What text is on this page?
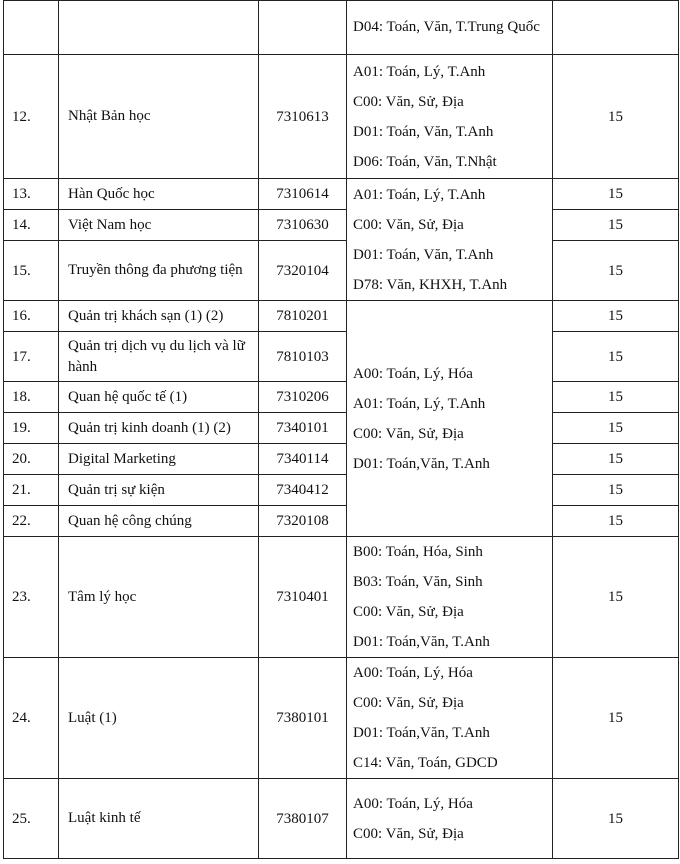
			D04: Toán, Văn, T.Trung Quốc	

12.	Nhật Bản học	7310613	A01: Toán, Lý, T.Anh
C00: Văn, Sử, Địa
D01: Toán, Văn, T.Anh
D06: Toán, Văn, T.Nhật	15
13.	Hàn Quốc học	7310614	A01: Toán, Lý, T.Anh
C00: Văn, Sử, Địa
D01: Toán, Văn, T.Anh
D78: Văn, KHXH, T.Anh	15
14.	Việt Nam học	7310630		15
15.	Truyền thông đa phương tiện	7320104		15
16.	Quản trị khách sạn (1) (2)	7810201	A00: Toán, Lý, Hóa
A01: Toán, Lý, T.Anh
C00: Văn, Sử, Địa
D01: Toán,Văn, T.Anh	15
17.	Quản trị dịch vụ du lịch và lữ hành	7810103		15
18.	Quan hệ quốc tế (1)	7310206		15
19.	Quản trị kinh doanh (1) (2)	7340101		15
20.	Digital Marketing	7340114		15
21.	Quản trị sự kiện	7340412		15
22.	Quan hệ công chúng	7320108		15
23.	Tâm lý học	7310401	B00: Toán, Hóa, Sinh
B03: Toán, Văn, Sinh
C00: Văn, Sử, Địa
D01: Toán,Văn, T.Anh	15
24.	Luật (1)	7380101	A00: Toán, Lý, Hóa
C00: Văn, Sử, Địa
D01: Toán,Văn, T.Anh
C14: Văn, Toán, GDCD	15
25.	Luật kinh tế	7380107	A00: Toán, Lý, Hóa
C00: Văn, Sử, Địa	15
